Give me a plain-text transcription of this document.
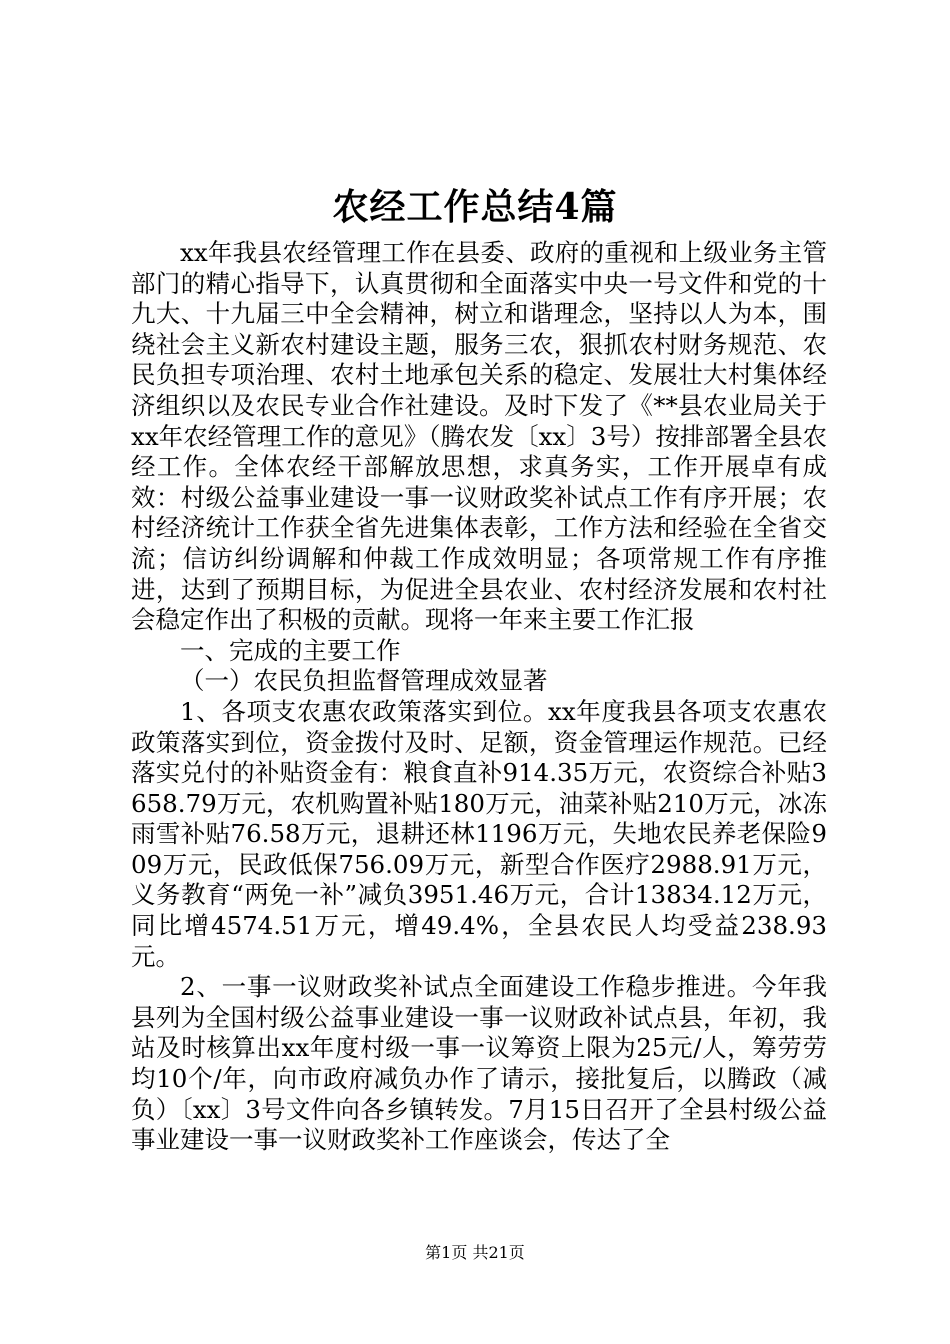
农经工作总结4篇

xx年我县农经管理工作在县委、政府的重视和上级业务主管部门的精心指导下，认真贯彻和全面落实中央一号文件和党的十九大、十九届三中全会精神，树立和谐理念，坚持以人为本，围绕社会主义新农村建设主题，服务三农，狠抓农村财务规范、农民负担专项治理、农村土地承包关系的稳定、发展壮大村集体经济组织以及农民专业合作社建设。及时下发了《**县农业局关于xx年农经管理工作的意见》（腾农发〔xx〕3号）按排部署全县农经工作。全体农经干部解放思想，求真务实，工作开展卓有成效：村级公益事业建设一事一议财政奖补试点工作有序开展；农村经济统计工作获全省先进集体表彰，工作方法和经验在全省交流；信访纠纷调解和仲裁工作成效明显；各项常规工作有序推进，达到了预期目标，为促进全县农业、农村经济发展和农村社会稳定作出了积极的贡献。现将一年来主要工作汇报

一、完成的主要工作

（一）农民负担监督管理成效显著

1、各项支农惠农政策落实到位。xx年度我县各项支农惠农政策落实到位，资金拨付及时、足额，资金管理运作规范。已经落实兑付的补贴资金有：粮食直补914.35万元，农资综合补贴3658.79万元，农机购置补贴180万元，油菜补贴210万元，冰冻雨雪补贴76.58万元，退耕还林1196万元，失地农民养老保险909万元，民政低保756.09万元，新型合作医疗2988.91万元，义务教育“两免一补”减负3951.46万元，合计13834.12万元，同比增4574.51万元，增49.4%，全县农民人均受益238.93元。

2、一事一议财政奖补试点全面建设工作稳步推进。今年我县列为全国村级公益事业建设一事一议财政补试点县，年初，我站及时核算出xx年度村级一事一议筹资上限为25元/人，筹劳劳均10个/年，向市政府减负办作了请示，接批复后，以腾政（减负）〔xx〕3号文件向各乡镇转发。7月15日召开了全县村级公益事业建设一事一议财政奖补工作座谈会，传达了全

第1页 共21页
